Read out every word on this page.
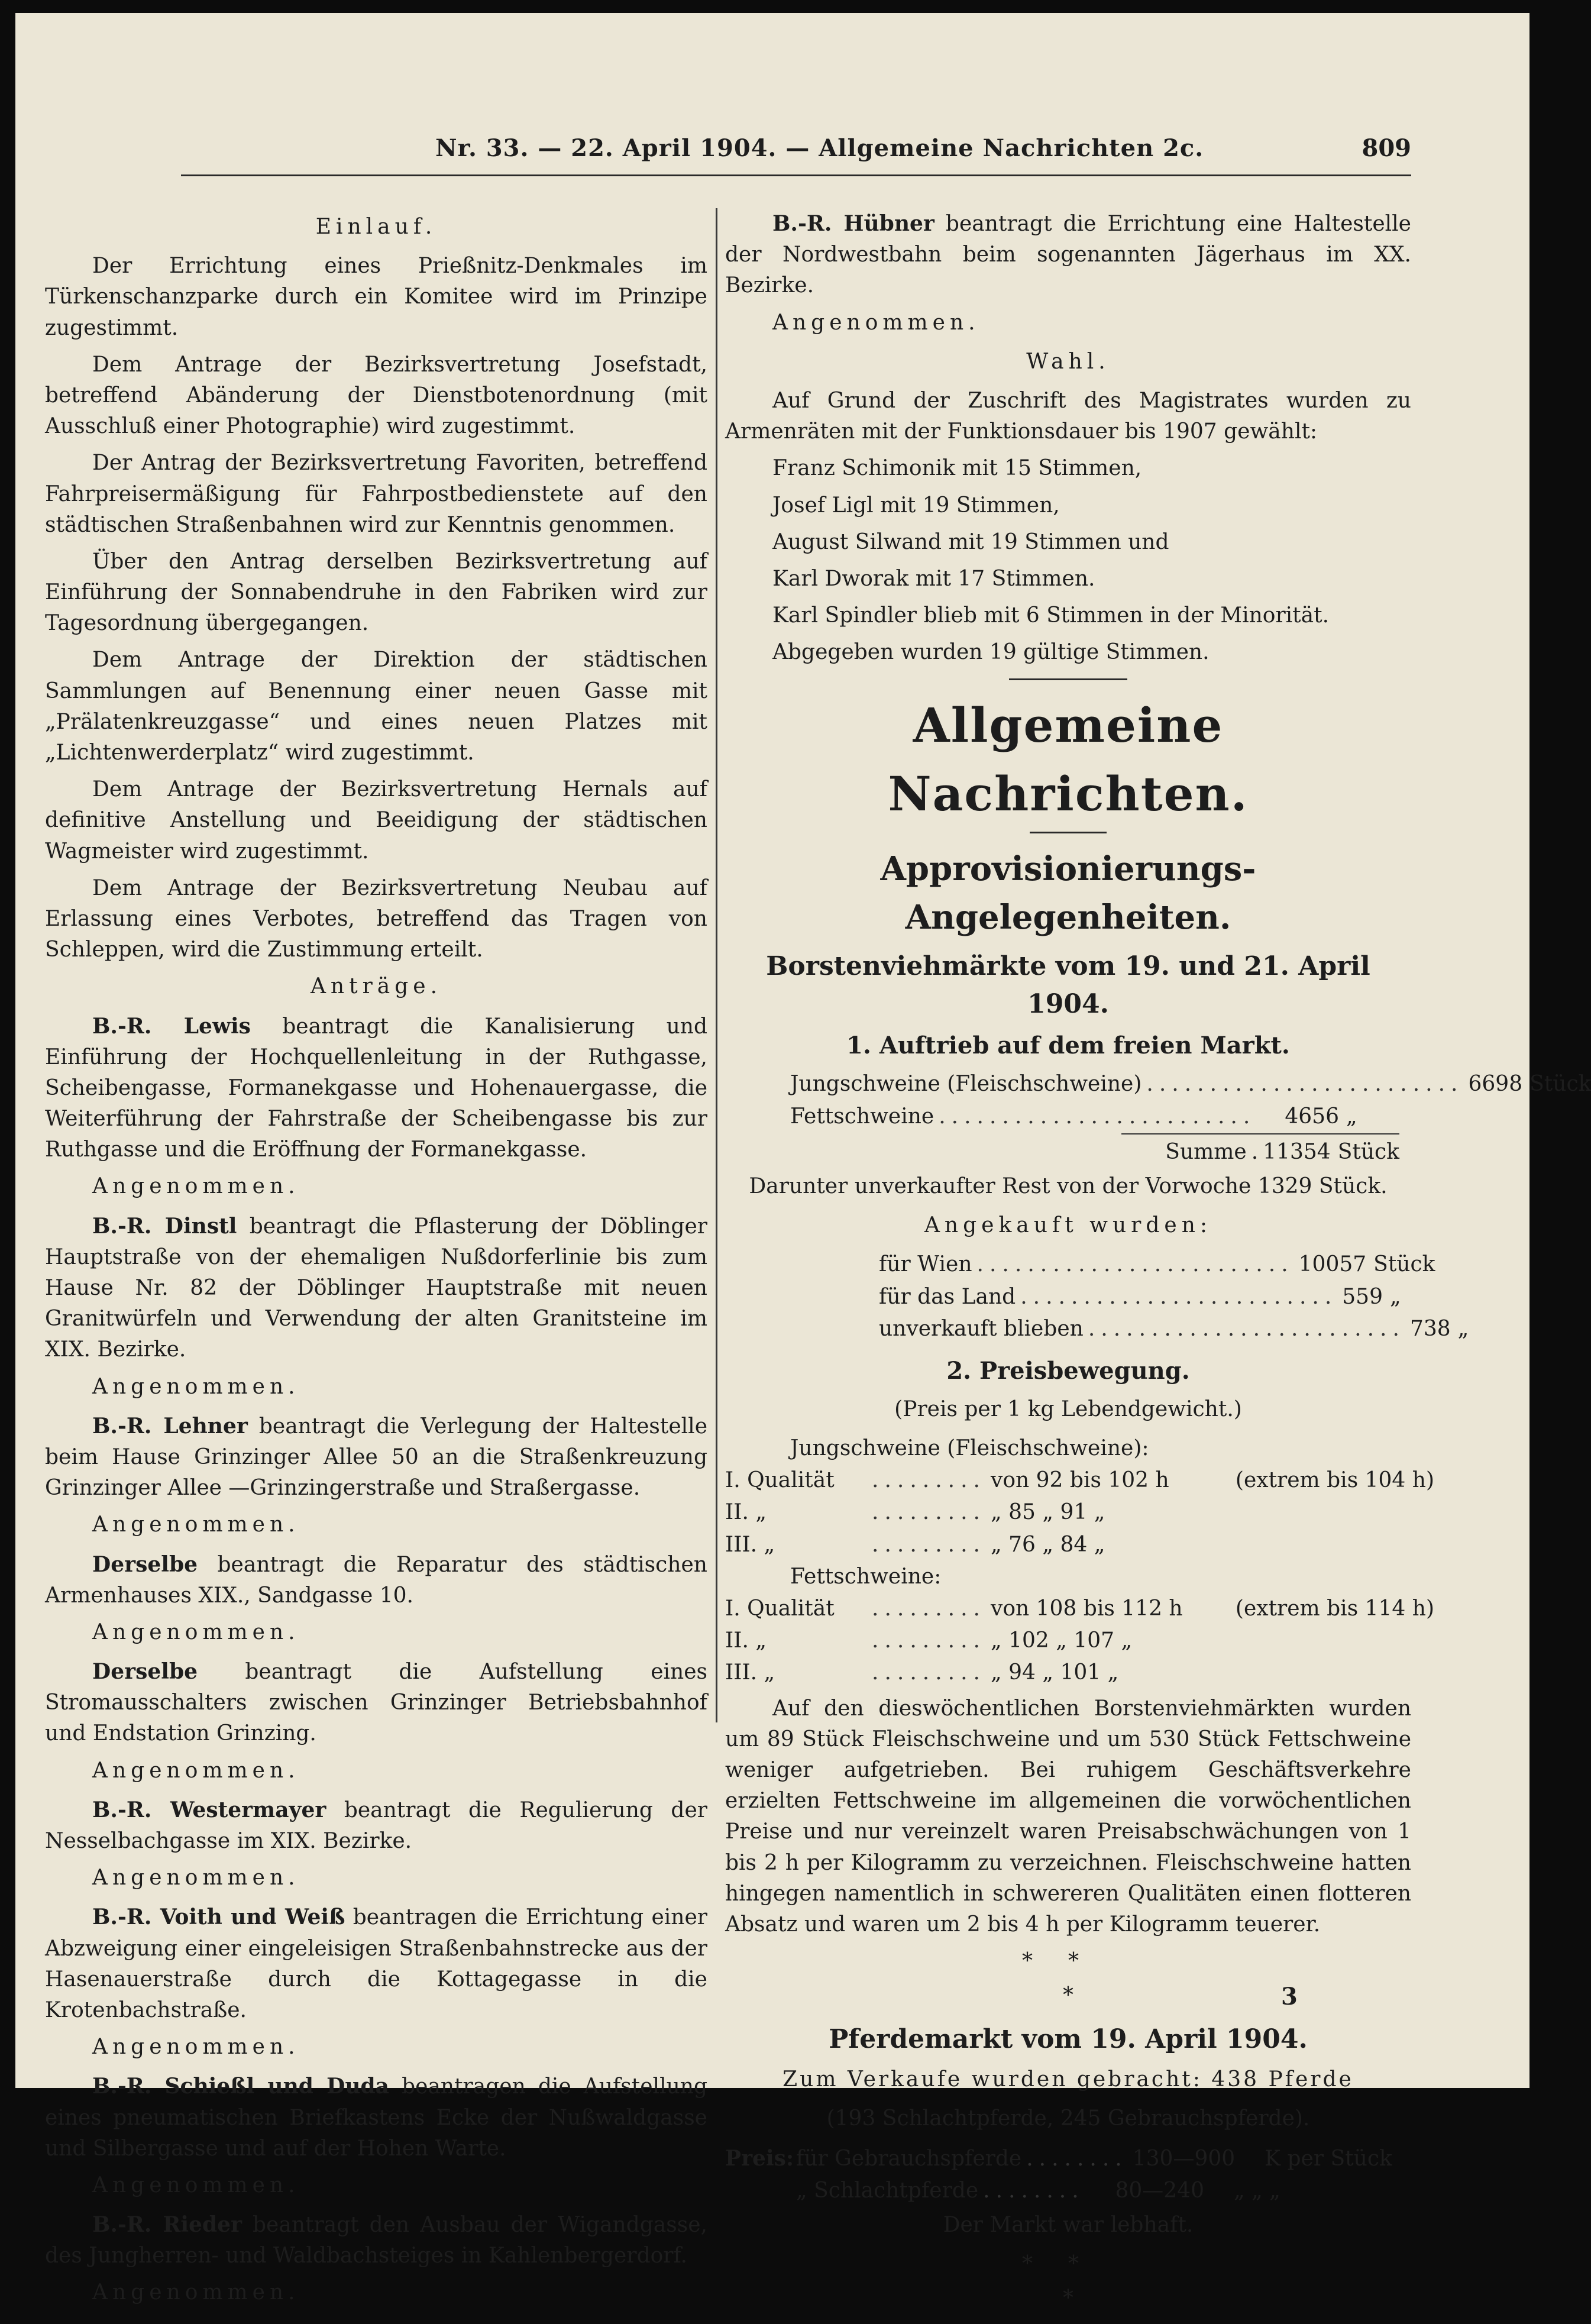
Nr. 33. — 22. April 1904. — Allgemeine Nachrichten 2c.	809
Einlauf.

Der Errichtung eines Prießnitz-Denkmales im Türkenschanzparke durch ein Komitee wird im Prinzipe zugestimmt.

Dem Antrage der Bezirksvertretung Josefstadt, betreffend Abänderung der Dienstbotenordnung (mit Ausschluß einer Photographie) wird zugestimmt.

Der Antrag der Bezirksvertretung Favoriten, betreffend Fahrpreisermäßigung für Fahrpostbedienstete auf den städtischen Straßenbahnen wird zur Kenntnis genommen.

Über den Antrag derselben Bezirksvertretung auf Einführung der Sonnabendruhe in den Fabriken wird zur Tagesordnung übergegangen.

Dem Antrage der Direktion der städtischen Sammlungen auf Benennung einer neuen Gasse mit „Prälatenkreuzgasse“ und eines neuen Platzes mit „Lichtenwerderplatz“ wird zugestimmt.

Dem Antrage der Bezirksvertretung Hernals auf definitive Anstellung und Beeidigung der städtischen Wagmeister wird zugestimmt.

Dem Antrage der Bezirksvertretung Neubau auf Erlassung eines Verbotes, betreffend das Tragen von Schleppen, wird die Zustimmung erteilt.

Anträge.

B.-R. Lewis beantragt die Kanalisierung und Einführung der Hochquellenleitung in der Ruthgasse, Scheibengasse, Formanekgasse und Hohenauergasse, die Weiterführung der Fahrstraße der Scheibengasse bis zur Ruthgasse und die Eröffnung der Formanekgasse.

Angenommen.

B.-R. Dinstl beantragt die Pflasterung der Döblinger Hauptstraße von der ehemaligen Nußdorferlinie bis zum Hause Nr. 82 der Döblinger Hauptstraße mit neuen Granitwürfeln und Verwendung der alten Granitsteine im XIX. Bezirke.

Angenommen.

B.-R. Lehner beantragt die Verlegung der Haltestelle beim Hause Grinzinger Allee 50 an die Straßenkreuzung Grinzinger Allee —Grinzingerstraße und Straßergasse.

Angenommen.

Derselbe beantragt die Reparatur des städtischen Armenhauses XIX., Sandgasse 10.

Angenommen.

Derselbe beantragt die Aufstellung eines Stromausschalters zwischen Grinzinger Betriebsbahnhof und Endstation Grinzing.

Angenommen.

B.-R. Westermayer beantragt die Regulierung der Nesselbachgasse im XIX. Bezirke.

Angenommen.

B.-R. Voith und Weiß beantragen die Errichtung einer Abzweigung einer eingeleisigen Straßenbahnstrecke aus der Hasenauerstraße durch die Kottagegasse in die Krotenbachstraße.

Angenommen.

B.-R. Schießl und Duda beantragen die Aufstellung eines pneumatischen Briefkastens Ecke der Nußwaldgasse und Silbergasse und auf der Hohen Warte.

Angenommen.

B.-R. Rieder beantragt den Ausbau der Wigandgasse, des Jungherren- und Waldbachsteiges in Kahlenbergerdorf.

Angenommen.

B.-R. Hübner beantragt die Errichtung eine Haltestelle der Nordwestbahn beim sogenannten Jägerhaus im XX. Bezirke.

Angenommen.
Wahl.

Auf Grund der Zuschrift des Magistrates wurden zu Armenräten mit der Funktionsdauer bis 1907 gewählt:

Franz Schimonik mit 15 Stimmen,
Josef Ligl mit 19 Stimmen,
August Silwand mit 19 Stimmen und
Karl Dworak mit 17 Stimmen.
Karl Spindler blieb mit 6 Stimmen in der Minorität.
Abgegeben wurden 19 gültige Stimmen.
Allgemeine Nachrichten.
Approvisionierungs-Angelegenheiten.
Borstenviehmärkte vom 19. und 21. April 1904.
1. Auftrieb auf dem freien Markt.
Jungschweine (Fleischschweine) ......................... 6698 Stück
Fettschweine .........................	4656 „
Summe . 11354 Stück
Darunter unverkaufter Rest von der Vorwoche 1329 Stück.
Angekauft wurden:
für Wien ......................... 10057 Stück
für das Land ......................... 559 „
unverkauft blieben ......................... 738 „
2. Preisbewegung.
(Preis per 1 kg Lebendgewicht.)
Jungschweine (Fleischschweine):
I. Qualität	......... von 92 bis 102 h	(extrem bis 104 h)
II. „	......... „ 85 „ 91 „
III. „	......... „ 76 „ 84 „
Fettschweine:
I. Qualität	......... von 108 bis 112 h	(extrem bis 114 h)
II. „	......... „ 102 „ 107 „
III. „	......... „ 94 „ 101 „

Auf den dieswöchentlichen Borstenviehmärkten wurden um 89 Stück Fleischschweine und um 530 Stück Fettschweine weniger aufgetrieben. Bei ruhigem Geschäftsverkehre erzielten Fettschweine im allgemeinen die vorwöchentlichen Preise und nur vereinzelt waren Preisabschwächungen von 1 bis 2 h per Kilogramm zu verzeichnen. Fleischschweine hatten hingegen namentlich in schwereren Qualitäten einen flotteren Absatz und waren um 2 bis 4 h per Kilogramm teuerer.

**
*
Pferdemarkt vom 19. April 1904.
Zum Verkaufe wurden gebracht: 438 Pferde
(193 Schlachtpferde, 245 Gebrauchspferde).
Preis: für Gebrauchspferde ........ 130—900	K per Stück
„ Schlachtpferde ........	80—240	„ „ „
Der Markt war lebhaft.
**
*
3
